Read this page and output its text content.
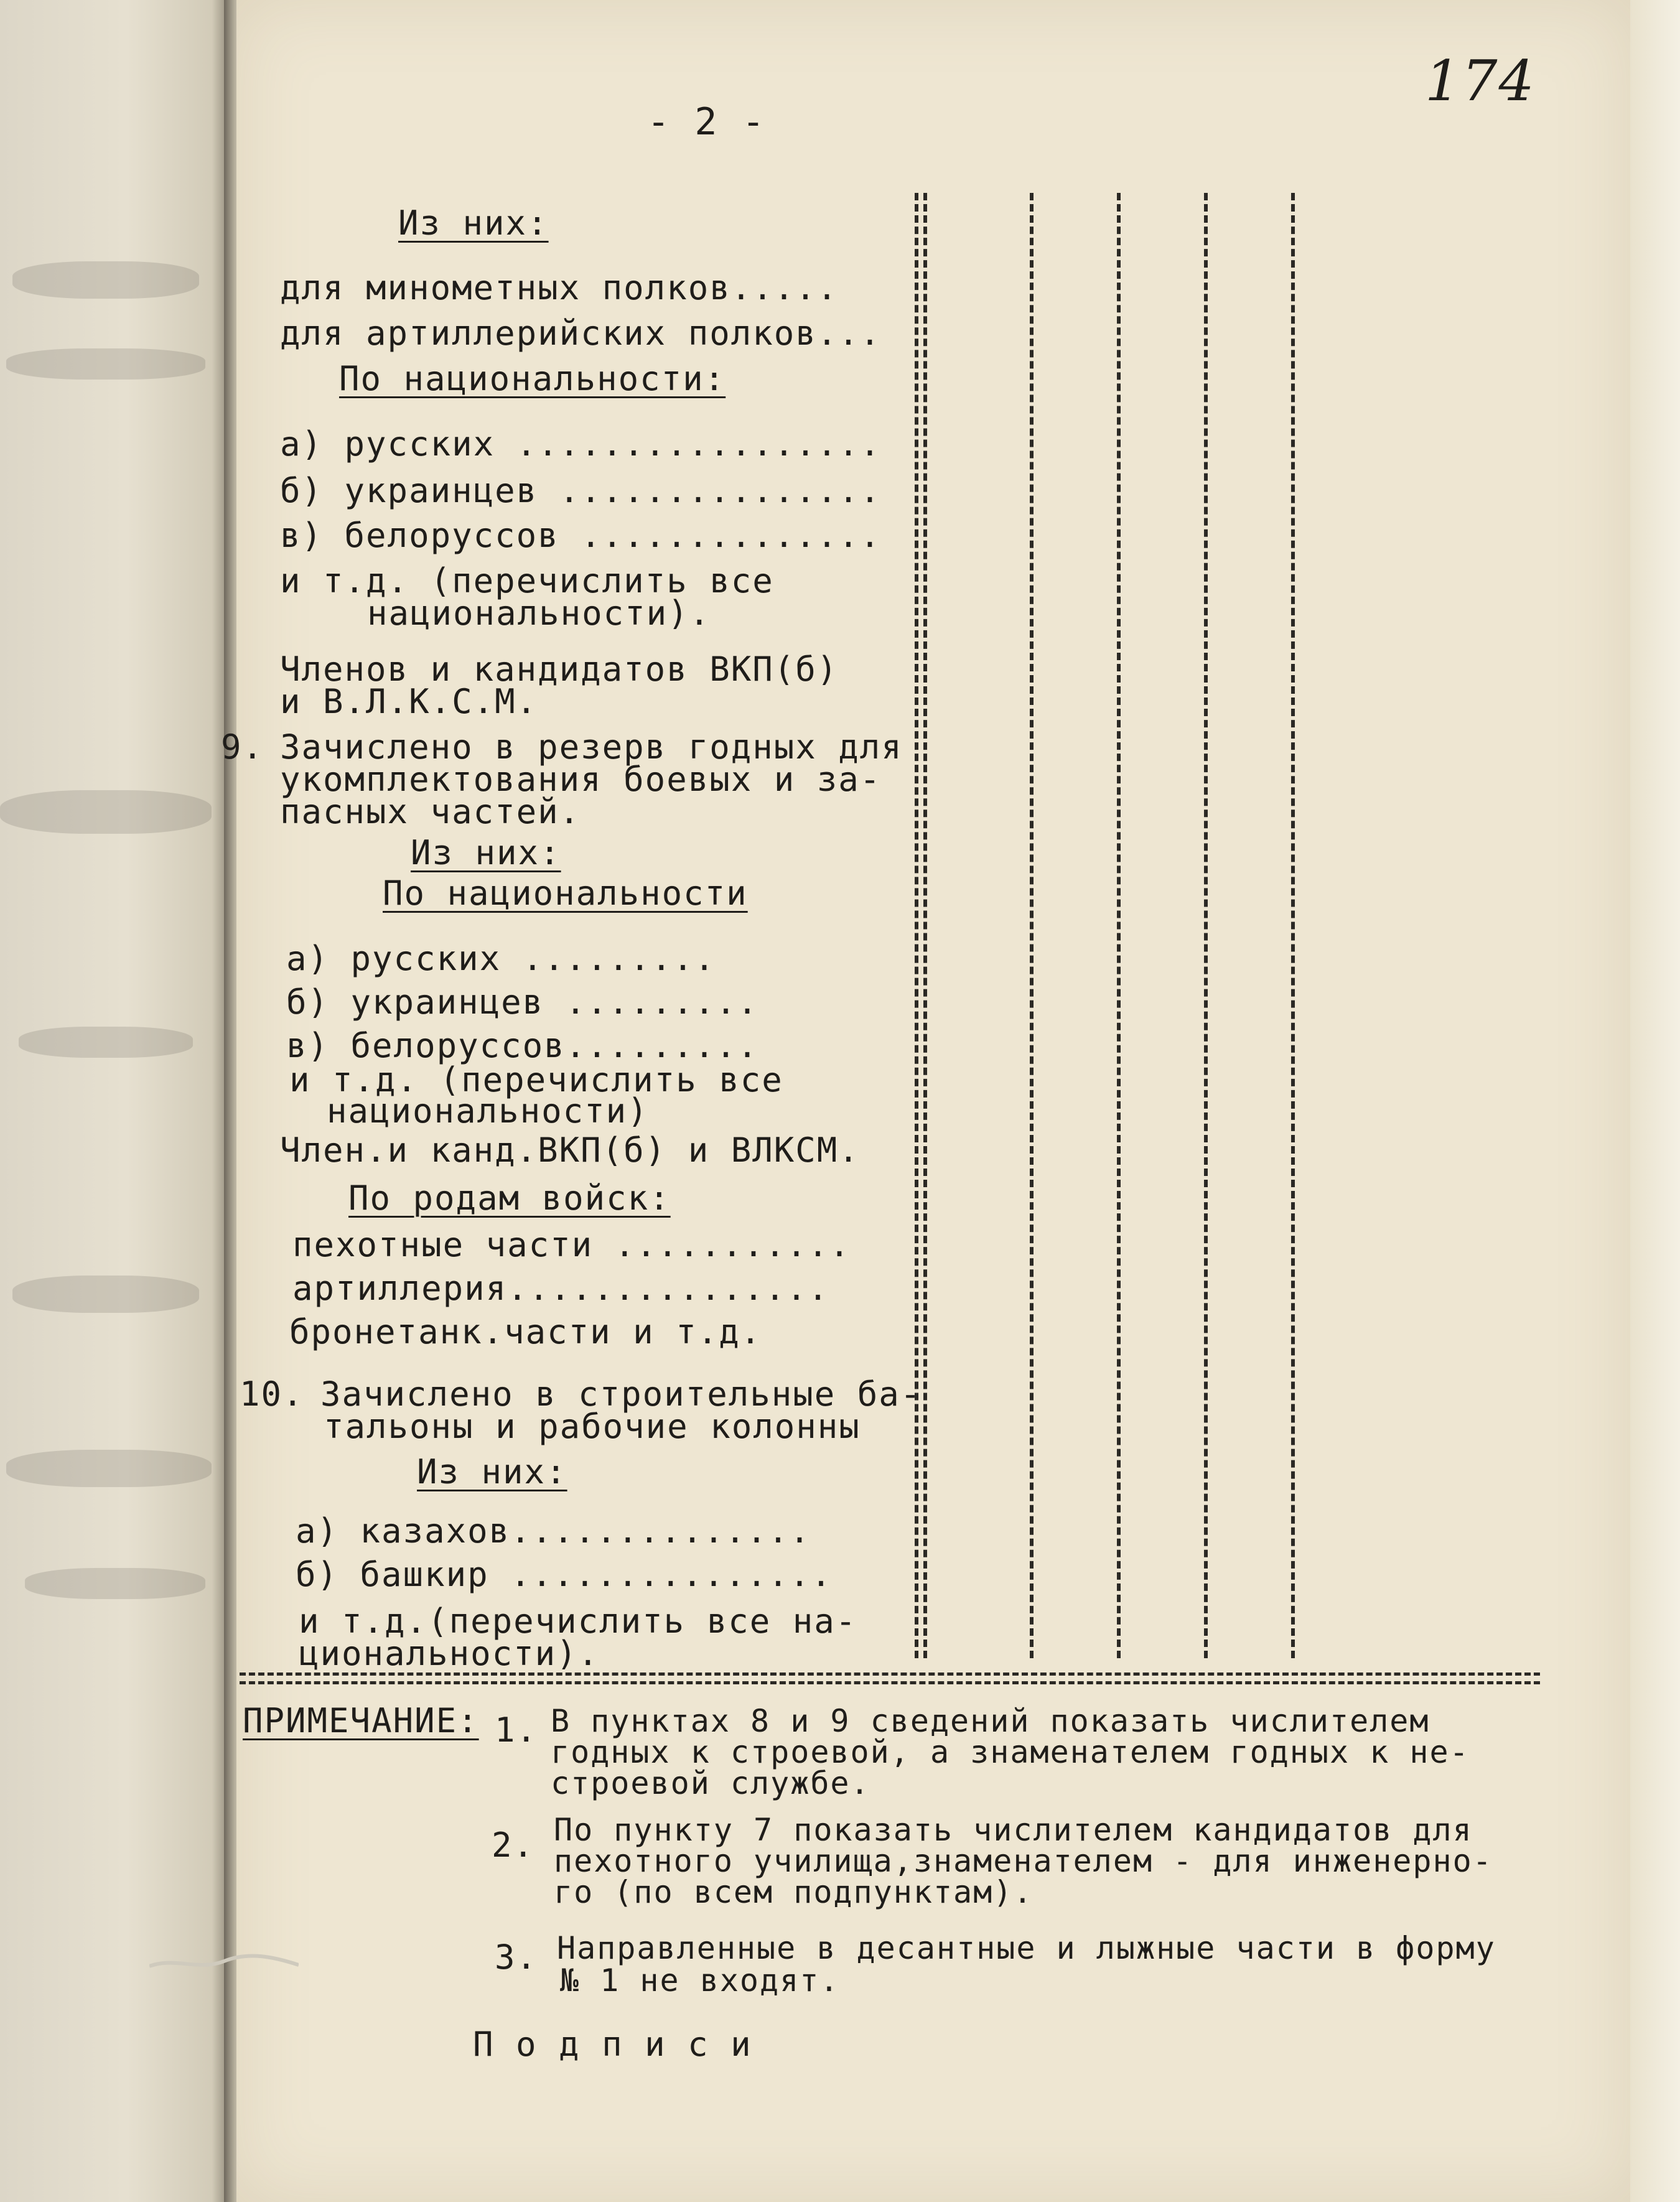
- 2 -
174
Из них:
для минометных полков.....
для артиллерийских полков...
По национальности:
а) русских .................
б) украинцев ...............
в) белоруссов ..............
и т.д. (перечислить все
национальности).
Членов и кандидатов ВКП(б)
и В.Л.К.С.М.
9. Зачислено в резерв годных для
укомплектования боевых и за-
пасных частей.
Из них:
По национальности
а) русских .........
б) украинцев .........
в) белоруссов.........
и т.д. (перечислить все
национальности)
Член.и канд.ВКП(б) и ВЛКСМ.
По родам войск:
пехотные части ...........
артиллерия...............
бронетанк.части и т.д.
10. Зачислено в строительные ба-
тальоны и рабочие колонны
Из них:
а) казахов..............
б) башкир ...............
и т.д.(перечислить все на-
циональности).
ПРИМЕЧАНИЕ: 1. В пунктах 8 и 9 сведений показать числителем
годных к строевой, а знаменателем годных к не-
строевой службе.
2. По пункту 7 показать числителем кандидатов для
пехотного училища,знаменателем - для инженерно-
го (по всем подпунктам).
3. Направленные в десантные и лыжные части в форму
№ 1 не входят.
П о д п и с и
